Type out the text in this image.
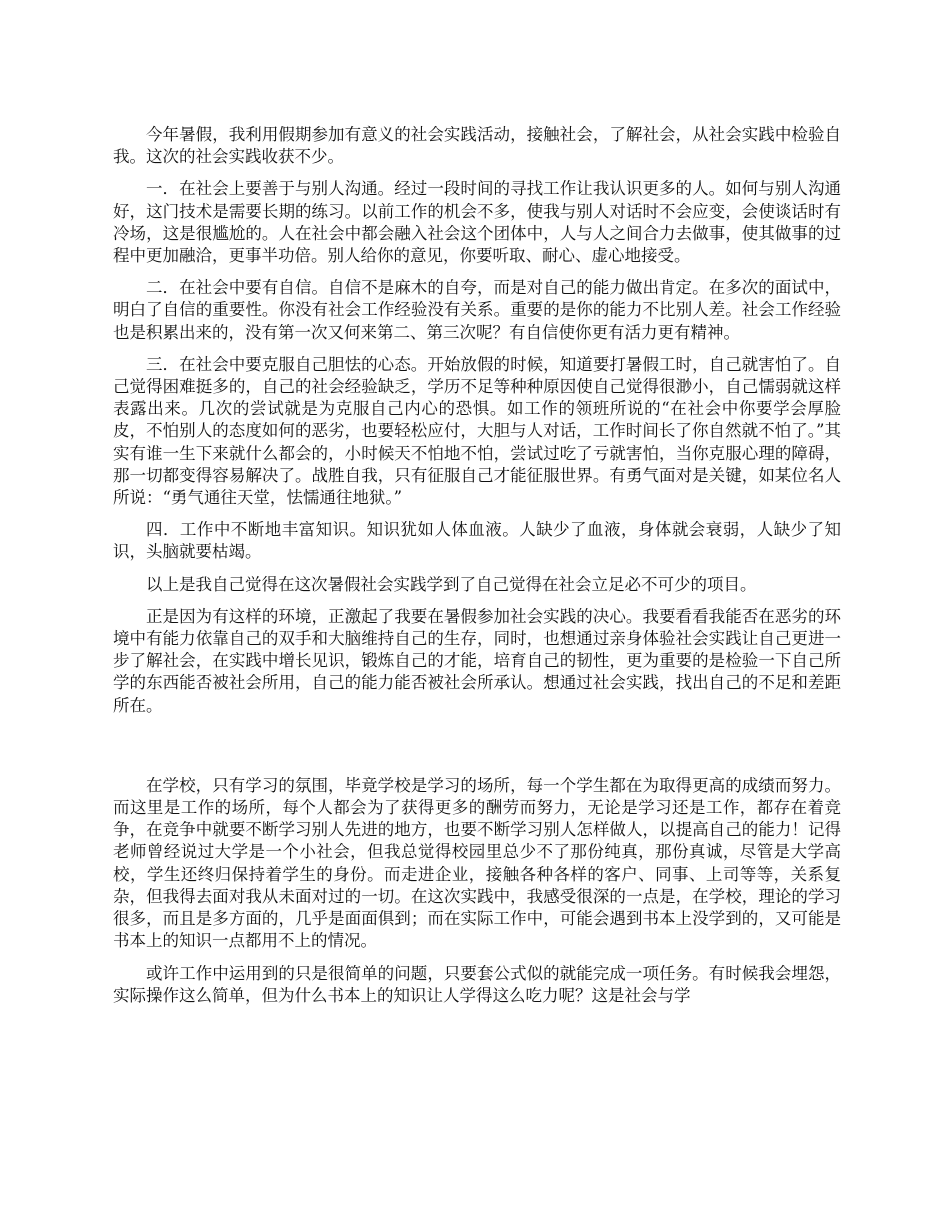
今年暑假，我利用假期参加有意义的社会实践活动，接触社会，了解社会，从社会实践中检验自我。这次的社会实践收获不少。

一．在社会上要善于与别人沟通。经过一段时间的寻找工作让我认识更多的人。如何与别人沟通好，这门技术是需要长期的练习。以前工作的机会不多，使我与别人对话时不会应变，会使谈话时有冷场，这是很尴尬的。人在社会中都会融入社会这个团体中，人与人之间合力去做事，使其做事的过程中更加融洽，更事半功倍。别人给你的意见，你要听取、耐心、虚心地接受。

二．在社会中要有自信。自信不是麻木的自夸，而是对自己的能力做出肯定。在多次的面试中，明白了自信的重要性。你没有社会工作经验没有关系。重要的是你的能力不比别人差。社会工作经验也是积累出来的，没有第一次又何来第二、第三次呢？有自信使你更有活力更有精神。

三．在社会中要克服自己胆怯的心态。开始放假的时候，知道要打暑假工时，自己就害怕了。自己觉得困难挺多的，自己的社会经验缺乏，学历不足等种种原因使自己觉得很渺小，自己懦弱就这样表露出来。几次的尝试就是为克服自己内心的恐惧。如工作的领班所说的“在社会中你要学会厚脸皮，不怕别人的态度如何的恶劣，也要轻松应付，大胆与人对话，工作时间长了你自然就不怕了。”其实有谁一生下来就什么都会的，小时候天不怕地不怕，尝试过吃了亏就害怕，当你克服心理的障碍，那一切都变得容易解决了。战胜自我，只有征服自己才能征服世界。有勇气面对是关键，如某位名人所说：“勇气通往天堂，怯懦通往地狱。”

四．工作中不断地丰富知识。知识犹如人体血液。人缺少了血液，身体就会衰弱，人缺少了知识，头脑就要枯竭。

以上是我自己觉得在这次暑假社会实践学到了自己觉得在社会立足必不可少的项目。

正是因为有这样的环境，正激起了我要在暑假参加社会实践的决心。我要看看我能否在恶劣的环境中有能力依靠自己的双手和大脑维持自己的生存，同时，也想通过亲身体验社会实践让自己更进一步了解社会，在实践中增长见识，锻炼自己的才能，培育自己的韧性，更为重要的是检验一下自己所学的东西能否被社会所用，自己的能力能否被社会所承认。想通过社会实践，找出自己的不足和差距所在。

在学校，只有学习的氛围，毕竟学校是学习的场所，每一个学生都在为取得更高的成绩而努力。而这里是工作的场所，每个人都会为了获得更多的酬劳而努力，无论是学习还是工作，都存在着竞争，在竞争中就要不断学习别人先进的地方，也要不断学习别人怎样做人，以提高自己的能力！记得老师曾经说过大学是一个小社会，但我总觉得校园里总少不了那份纯真，那份真诚，尽管是大学高校，学生还终归保持着学生的身份。而走进企业，接触各种各样的客户、同事、上司等等，关系复杂，但我得去面对我从未面对过的一切。在这次实践中，我感受很深的一点是，在学校，理论的学习很多，而且是多方面的，几乎是面面俱到；而在实际工作中，可能会遇到书本上没学到的，又可能是书本上的知识一点都用不上的情况。

或许工作中运用到的只是很简单的问题，只要套公式似的就能完成一项任务。有时候我会埋怨，实际操作这么简单，但为什么书本上的知识让人学得这么吃力呢？这是社会与学
